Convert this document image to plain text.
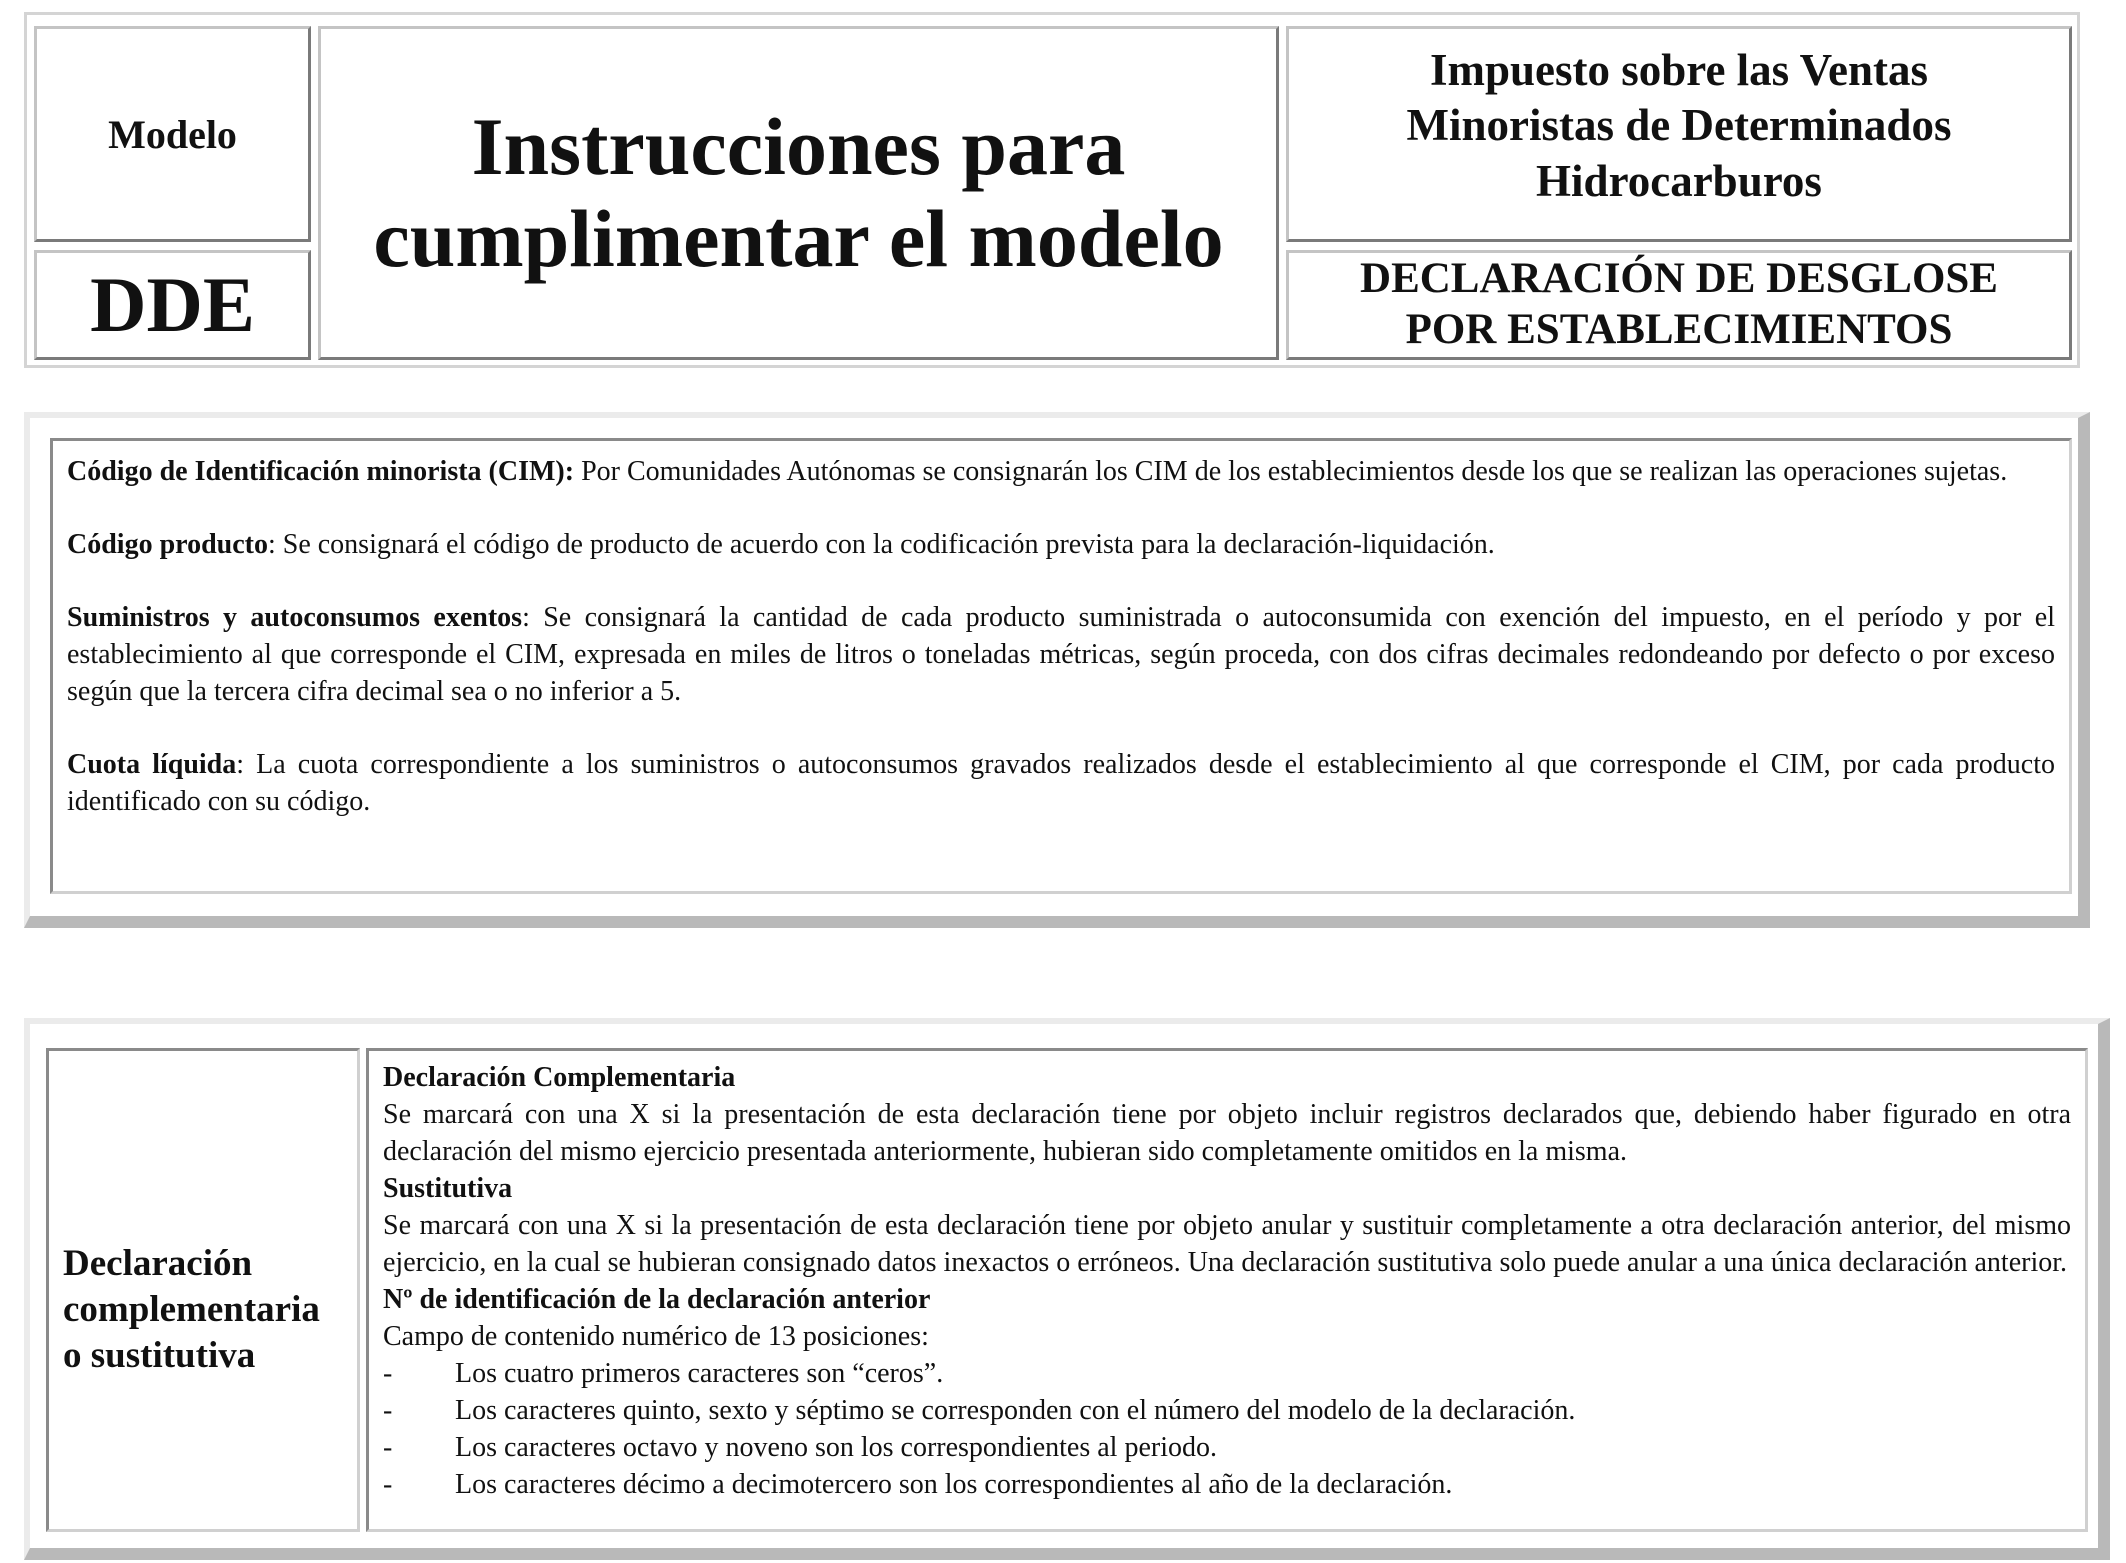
Modelo
DDE
Instrucciones para
cumplimentar el modelo
Impuesto sobre las Ventas
Minoristas de Determinados
Hidrocarburos
DECLARACIÓN DE DESGLOSE
POR ESTABLECIMIENTOS

Código de Identificación minorista (CIM): Por Comunidades Autónomas se consignarán los CIM de los establecimientos desde los que se realizan las operaciones sujetas.

Código producto: Se consignará el código de producto de acuerdo con la codificación prevista para la declaración-liquidación.

Suministros y autoconsumos exentos: Se consignará la cantidad de cada producto suministrada o autoconsumida con exención del impuesto, en el período y por el establecimiento al que corresponde el CIM, expresada en miles de litros o toneladas métricas, según proceda, con dos cifras decimales redondeando por defecto o por exceso según que la tercera cifra decimal sea o no inferior a 5.

Cuota líquida: La cuota correspondiente a los suministros o autoconsumos gravados realizados desde el establecimiento al que corresponde el CIM, por cada producto identificado con su código.

Declaración
complementaria
o sustitutiva

Declaración Complementaria

Se marcará con una X si la presentación de esta declaración tiene por objeto incluir registros declarados que, debiendo haber figurado en otra declaración del mismo ejercicio presentada anteriormente, hubieran sido completamente omitidos en la misma.

Sustitutiva

Se marcará con una X si la presentación de esta declaración tiene por objeto anular y sustituir completamente a otra declaración anterior, del mismo ejercicio, en la cual se hubieran consignado datos inexactos o erróneos. Una declaración sustitutiva solo puede anular a una única declaración anterior.

Nº de identificación de la declaración anterior

Campo de contenido numérico de 13 posiciones:

-	Los cuatro primeros caracteres son “ceros”.
-	Los caracteres quinto, sexto y séptimo se corresponden con el número del modelo de la declaración.
-	Los caracteres octavo y noveno son los correspondientes al periodo.
-	Los caracteres décimo a decimotercero son los correspondientes al año de la declaración.
